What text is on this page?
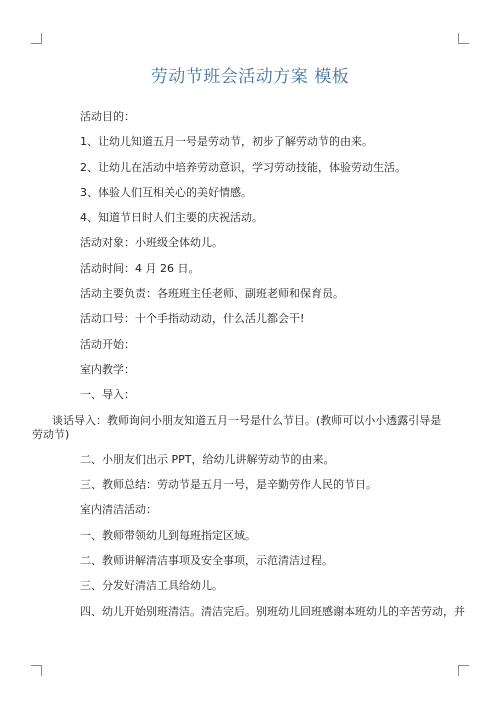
劳动节班会活动方案 模板

活动目的：

1、让幼儿知道五月一号是劳动节，初步了解劳动节的由来。

2、让幼儿在活动中培养劳动意识，学习劳动技能，体验劳动生活。

3、体验人们互相关心的美好情感。

4、知道节日时人们主要的庆祝活动。

活动对象：小班级全体幼儿。

活动时间：4 月 26 日。

活动主要负责：各班班主任老师、副班老师和保育员。

活动口号：十个手指动动动，什么活儿都会干!

活动开始：

室内教学：

一、导入：

谈话导入：教师询问小朋友知道五月一号是什么节目。(教师可以小小透露引导是劳动节)

二、小朋友们出示 PPT，给幼儿讲解劳动节的由来。

三、教师总结：劳动节是五月一号，是辛勤劳作人民的节日。

室内清洁活动：

一、教师带领幼儿到每班指定区域。

二、教师讲解清洁事项及安全事项，示范清洁过程。

三、分发好清洁工具给幼儿。

四、幼儿开始别班清洁。清洁完后。别班幼儿回班感谢本班幼儿的辛苦劳动，并
